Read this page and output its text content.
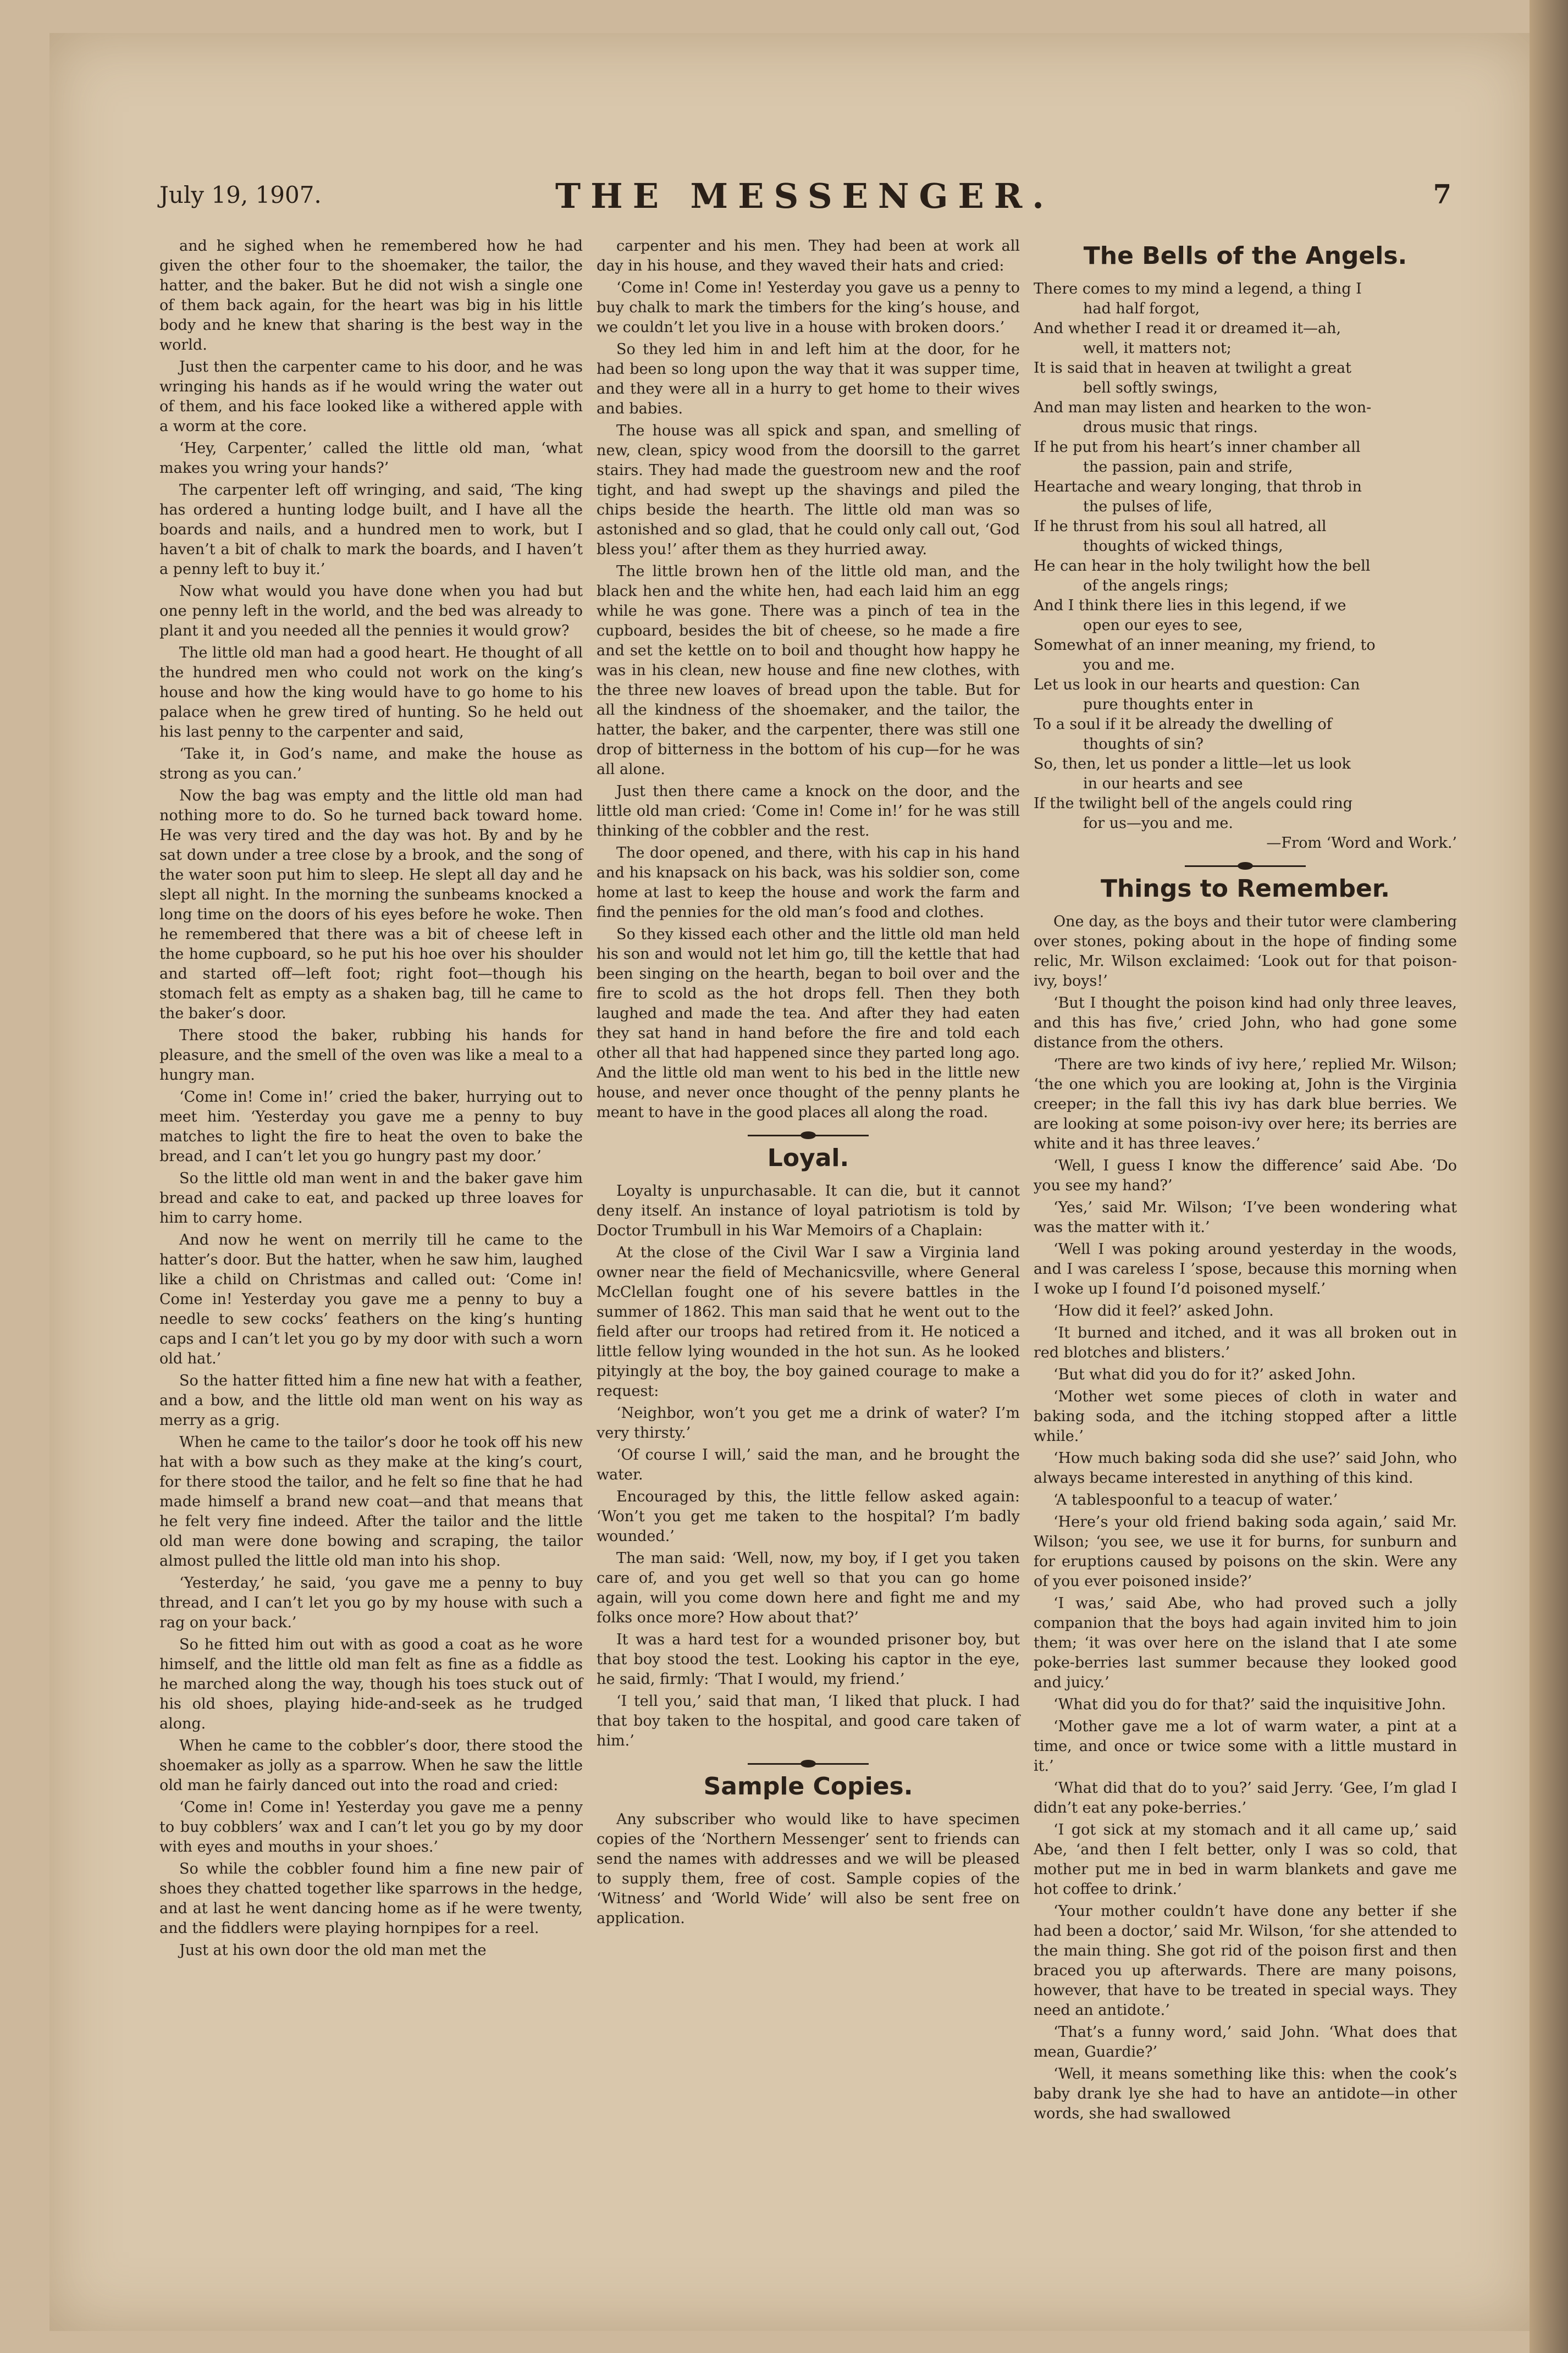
July 19, 1907.	THE MESSENGER.	7

and he sighed when he remembered how he had given the other four to the shoemaker, the tailor, the hatter, and the baker. But he did not wish a single one of them back again, for the heart was big in his little body and he knew that sharing is the best way in the world.

Just then the carpenter came to his door, and he was wringing his hands as if he would wring the water out of them, and his face looked like a withered apple with a worm at the core.

‘Hey, Carpenter,’ called the little old man, ‘what makes you wring your hands?’

The carpenter left off wringing, and said, ‘The king has ordered a hunting lodge built, and I have all the boards and nails, and a hundred men to work, but I haven’t a bit of chalk to mark the boards, and I haven’t a penny left to buy it.’

Now what would you have done when you had but one penny left in the world, and the bed was already to plant it and you needed all the pennies it would grow?

The little old man had a good heart. He thought of all the hundred men who could not work on the king’s house and how the king would have to go home to his palace when he grew tired of hunting. So he held out his last penny to the carpenter and said,

‘Take it, in God’s name, and make the house as strong as you can.’

Now the bag was empty and the little old man had nothing more to do. So he turned back toward home. He was very tired and the day was hot. By and by he sat down under a tree close by a brook, and the song of the water soon put him to sleep. He slept all day and he slept all night. In the morning the sunbeams knocked a long time on the doors of his eyes before he woke. Then he remembered that there was a bit of cheese left in the home cupboard, so he put his hoe over his shoulder and started off—left foot; right foot—though his stomach felt as empty as a shaken bag, till he came to the baker’s door.

There stood the baker, rubbing his hands for pleasure, and the smell of the oven was like a meal to a hungry man.

‘Come in! Come in!’ cried the baker, hurrying out to meet him. ‘Yesterday you gave me a penny to buy matches to light the fire to heat the oven to bake the bread, and I can’t let you go hungry past my door.’

So the little old man went in and the baker gave him bread and cake to eat, and packed up three loaves for him to carry home.

And now he went on merrily till he came to the hatter’s door. But the hatter, when he saw him, laughed like a child on Christmas and called out: ‘Come in! Come in! Yesterday you gave me a penny to buy a needle to sew cocks’ feathers on the king’s hunting caps and I can’t let you go by my door with such a worn old hat.’

So the hatter fitted him a fine new hat with a feather, and a bow, and the little old man went on his way as merry as a grig.

When he came to the tailor’s door he took off his new hat with a bow such as they make at the king’s court, for there stood the tailor, and he felt so fine that he had made himself a brand new coat—and that means that he felt very fine indeed. After the tailor and the little old man were done bowing and scraping, the tailor almost pulled the little old man into his shop.

‘Yesterday,’ he said, ‘you gave me a penny to buy thread, and I can’t let you go by my house with such a rag on your back.’

So he fitted him out with as good a coat as he wore himself, and the little old man felt as fine as a fiddle as he marched along the way, though his toes stuck out of his old shoes, playing hide-and-seek as he trudged along.

When he came to the cobbler’s door, there stood the shoemaker as jolly as a sparrow. When he saw the little old man he fairly danced out into the road and cried:

‘Come in! Come in! Yesterday you gave me a penny to buy cobblers’ wax and I can’t let you go by my door with eyes and mouths in your shoes.’

So while the cobbler found him a fine new pair of shoes they chatted together like sparrows in the hedge, and at last he went dancing home as if he were twenty, and the fiddlers were playing hornpipes for a reel.

Just at his own door the old man met the

carpenter and his men. They had been at work all day in his house, and they waved their hats and cried:

‘Come in! Come in! Yesterday you gave us a penny to buy chalk to mark the timbers for the king’s house, and we couldn’t let you live in a house with broken doors.’

So they led him in and left him at the door, for he had been so long upon the way that it was supper time, and they were all in a hurry to get home to their wives and babies.

The house was all spick and span, and smelling of new, clean, spicy wood from the doorsill to the garret stairs. They had made the guestroom new and the roof tight, and had swept up the shavings and piled the chips beside the hearth. The little old man was so astonished and so glad, that he could only call out, ‘God bless you!’ after them as they hurried away.

The little brown hen of the little old man, and the black hen and the white hen, had each laid him an egg while he was gone. There was a pinch of tea in the cupboard, besides the bit of cheese, so he made a fire and set the kettle on to boil and thought how happy he was in his clean, new house and fine new clothes, with the three new loaves of bread upon the table. But for all the kindness of the shoemaker, and the tailor, the hatter, the baker, and the carpenter, there was still one drop of bitterness in the bottom of his cup—for he was all alone.

Just then there came a knock on the door, and the little old man cried: ‘Come in! Come in!’ for he was still thinking of the cobbler and the rest.

The door opened, and there, with his cap in his hand and his knapsack on his back, was his soldier son, come home at last to keep the house and work the farm and find the pennies for the old man’s food and clothes.

So they kissed each other and the little old man held his son and would not let him go, till the kettle that had been singing on the hearth, began to boil over and the fire to scold as the hot drops fell. Then they both laughed and made the tea. And after they had eaten they sat hand in hand before the fire and told each other all that had happened since they parted long ago. And the little old man went to his bed in the little new house, and never once thought of the penny plants he meant to have in the good places all along the road.

Loyal.

Loyalty is unpurchasable. It can die, but it cannot deny itself. An instance of loyal patriotism is told by Doctor Trumbull in his War Memoirs of a Chaplain:

At the close of the Civil War I saw a Virginia land owner near the field of Mechanicsville, where General McClellan fought one of his severe battles in the summer of 1862. This man said that he went out to the field after our troops had retired from it. He noticed a little fellow lying wounded in the hot sun. As he looked pityingly at the boy, the boy gained courage to make a request:

‘Neighbor, won’t you get me a drink of water? I’m very thirsty.’

‘Of course I will,’ said the man, and he brought the water.

Encouraged by this, the little fellow asked again: ‘Won’t you get me taken to the hospital? I’m badly wounded.’

The man said: ‘Well, now, my boy, if I get you taken care of, and you get well so that you can go home again, will you come down here and fight me and my folks once more? How about that?’

It was a hard test for a wounded prisoner boy, but that boy stood the test. Looking his captor in the eye, he said, firmly: ‘That I would, my friend.’

‘I tell you,’ said that man, ‘I liked that pluck. I had that boy taken to the hospital, and good care taken of him.’

Sample Copies.

Any subscriber who would like to have specimen copies of the ‘Northern Messenger’ sent to friends can send the names with addresses and we will be pleased to supply them, free of cost. Sample copies of the ‘Witness’ and ‘World Wide’ will also be sent free on application.

The Bells of the Angels.

There comes to my mind a legend, a thing I

had half forgot,

And whether I read it or dreamed it—ah,

well, it matters not;

It is said that in heaven at twilight a great

bell softly swings,

And man may listen and hearken to the won-

drous music that rings.

If he put from his heart’s inner chamber all

the passion, pain and strife,

Heartache and weary longing, that throb in

the pulses of life,

If he thrust from his soul all hatred, all

thoughts of wicked things,

He can hear in the holy twilight how the bell

of the angels rings;

And I think there lies in this legend, if we

open our eyes to see,

Somewhat of an inner meaning, my friend, to

you and me.

Let us look in our hearts and question: Can

pure thoughts enter in

To a soul if it be already the dwelling of

thoughts of sin?

So, then, let us ponder a little—let us look

in our hearts and see

If the twilight bell of the angels could ring

for us—you and me.

—From ‘Word and Work.’

Things to Remember.

One day, as the boys and their tutor were clambering over stones, poking about in the hope of finding some relic, Mr. Wilson exclaimed: ‘Look out for that poison-ivy, boys!’

‘But I thought the poison kind had only three leaves, and this has five,’ cried John, who had gone some distance from the others.

‘There are two kinds of ivy here,’ replied Mr. Wilson; ‘the one which you are looking at, John is the Virginia creeper; in the fall this ivy has dark blue berries. We are looking at some poison-ivy over here; its berries are white and it has three leaves.’

‘Well, I guess I know the difference’ said Abe. ‘Do you see my hand?’

‘Yes,’ said Mr. Wilson; ‘I’ve been wondering what was the matter with it.’

‘Well I was poking around yesterday in the woods, and I was careless I ’spose, because this morning when I woke up I found I’d poisoned myself.’

‘How did it feel?’ asked John.

‘It burned and itched, and it was all broken out in red blotches and blisters.’

‘But what did you do for it?’ asked John.

‘Mother wet some pieces of cloth in water and baking soda, and the itching stopped after a little while.’

‘How much baking soda did she use?’ said John, who always became interested in anything of this kind.

‘A tablespoonful to a teacup of water.’

‘Here’s your old friend baking soda again,’ said Mr. Wilson; ‘you see, we use it for burns, for sunburn and for eruptions caused by poisons on the skin. Were any of you ever poisoned inside?’

‘I was,’ said Abe, who had proved such a jolly companion that the boys had again invited him to join them; ‘it was over here on the island that I ate some poke-berries last summer because they looked good and juicy.’

‘What did you do for that?’ said the inquisitive John.

‘Mother gave me a lot of warm water, a pint at a time, and once or twice some with a little mustard in it.’

‘What did that do to you?’ said Jerry. ‘Gee, I’m glad I didn’t eat any poke-berries.’

‘I got sick at my stomach and it all came up,’ said Abe, ‘and then I felt better, only I was so cold, that mother put me in bed in warm blankets and gave me hot coffee to drink.’

‘Your mother couldn’t have done any better if she had been a doctor,’ said Mr. Wilson, ‘for she attended to the main thing. She got rid of the poison first and then braced you up afterwards. There are many poisons, however, that have to be treated in special ways. They need an antidote.’

‘That’s a funny word,’ said John. ‘What does that mean, Guardie?’

‘Well, it means something like this: when the cook’s baby drank lye she had to have an antidote—in other words, she had swallowed
